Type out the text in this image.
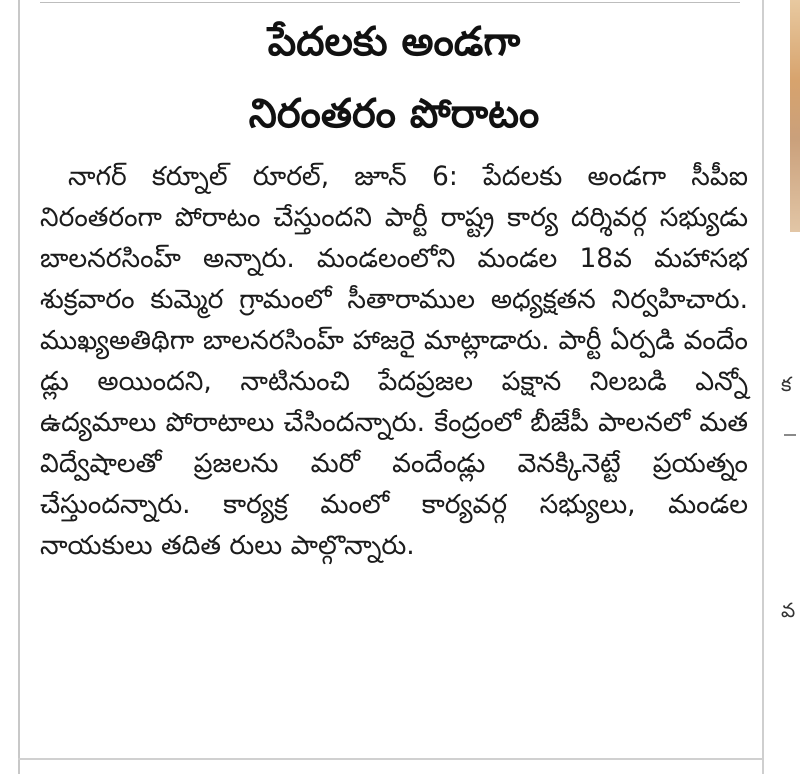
పేదలకు అండగా
నిరంతరం పోరాటం

నాగర్ కర్నూల్ రూరల్, జూన్ 6: పేదలకు అండగా సీపీఐ నిరంతరంగా పోరాటం చేస్తుందని పార్టీ రాష్ట్ర కార్య దర్శివర్గ సభ్యుడు బాలనరసింహ్ అన్నారు. మండలంలోని మండల 18వ మహాసభ శుక్రవారం కుమ్మెర గ్రామంలో సీతారాముల అధ్యక్షతన నిర్వహిచారు. ముఖ్యఅతిథిగా బాలనరసింహ్ హాజరై మాట్లాడారు. పార్టీ ఏర్పడి వందేం డ్లు అయిందని, నాటినుంచి పేదప్రజల పక్షాన నిలబడి ఎన్నో ఉద్యమాలు పోరాటాలు చేసిందన్నారు. కేంద్రంలో బీజేపీ పాలనలో మత విద్వేషాలతో ప్రజలను మరో వందేండ్లు వెనక్కినెట్టే ప్రయత్నం చేస్తుందన్నారు. కార్యక్ర మంలో కార్యవర్గ సభ్యులు, మండల నాయకులు తదిత రులు పాల్గొన్నారు.

క
వ
